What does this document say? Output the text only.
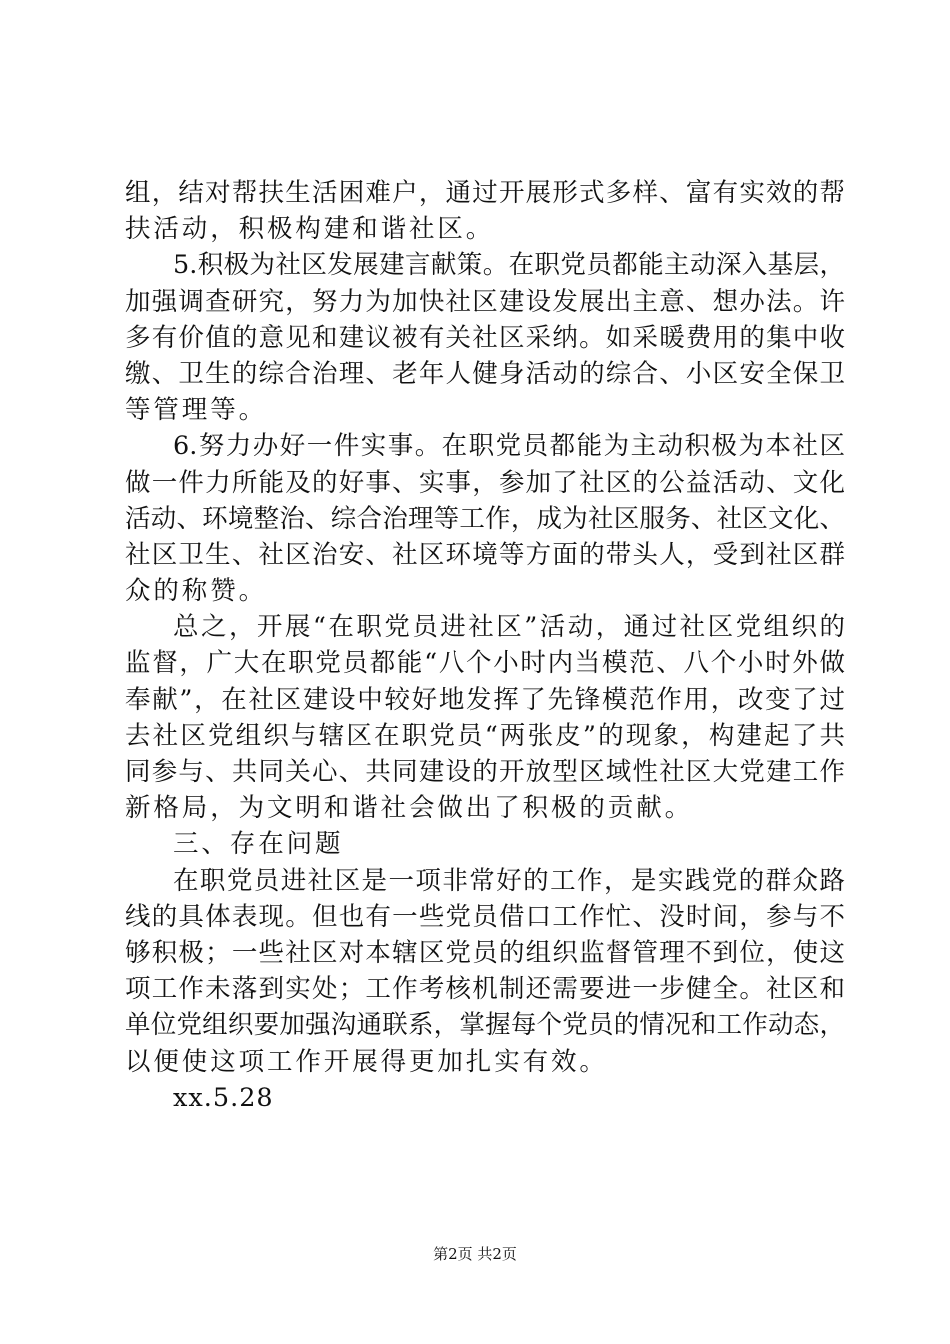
组，结对帮扶生活困难户，通过开展形式多样、富有实效的帮
扶活动，积极构建和谐社区。
5.积极为社区发展建言献策。在职党员都能主动深入基层，
加强调查研究，努力为加快社区建设发展出主意、想办法。许
多有价值的意见和建议被有关社区采纳。如采暖费用的集中收
缴、卫生的综合治理、老年人健身活动的综合、小区安全保卫
等管理等。
6.努力办好一件实事。在职党员都能为主动积极为本社区
做一件力所能及的好事、实事，参加了社区的公益活动、文化
活动、环境整治、综合治理等工作，成为社区服务、社区文化、
社区卫生、社区治安、社区环境等方面的带头人，受到社区群
众的称赞。
总之，开展“在职党员进社区”活动，通过社区党组织的
监督，广大在职党员都能“八个小时内当模范、八个小时外做
奉献”，在社区建设中较好地发挥了先锋模范作用，改变了过
去社区党组织与辖区在职党员“两张皮”的现象，构建起了共
同参与、共同关心、共同建设的开放型区域性社区大党建工作
新格局，为文明和谐社会做出了积极的贡献。
三、存在问题
在职党员进社区是一项非常好的工作，是实践党的群众路
线的具体表现。但也有一些党员借口工作忙、没时间，参与不
够积极；一些社区对本辖区党员的组织监督管理不到位，使这
项工作未落到实处；工作考核机制还需要进一步健全。社区和
单位党组织要加强沟通联系，掌握每个党员的情况和工作动态，
以便使这项工作开展得更加扎实有效。
xx.5.28
第2页 共2页
